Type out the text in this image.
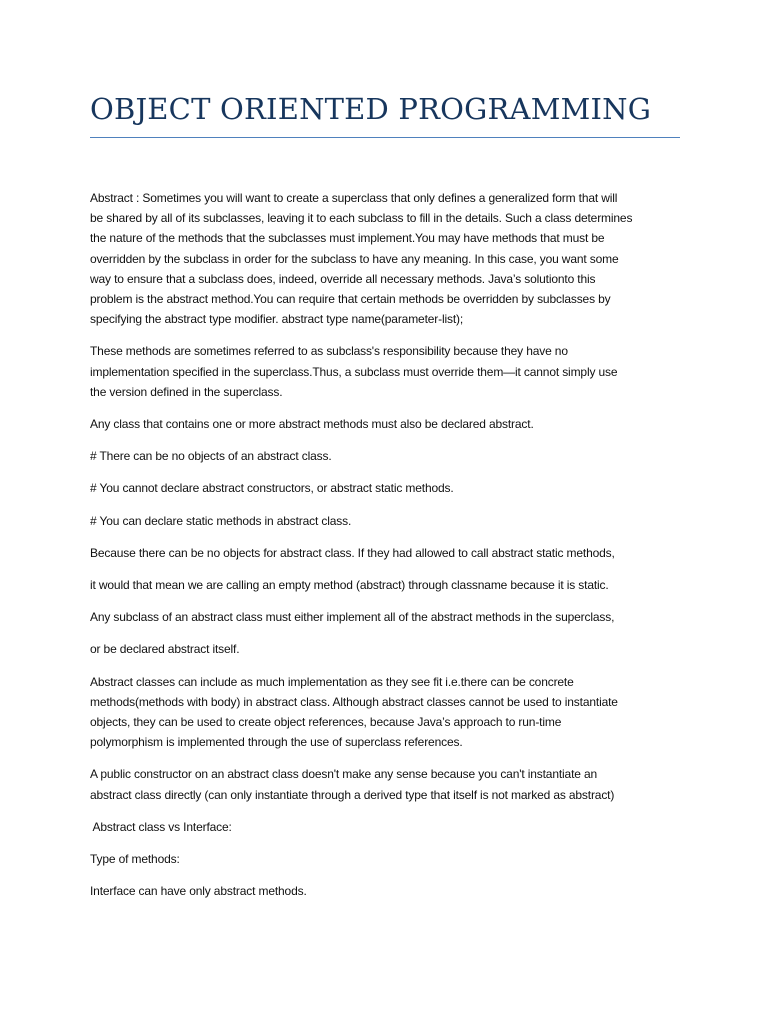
OBJECT ORIENTED PROGRAMMING

Abstract : Sometimes you will want to create a superclass that only defines a generalized form that will
be shared by all of its subclasses, leaving it to each subclass to fill in the details. Such a class determines
the nature of the methods that the subclasses must implement.You may have methods that must be
overridden by the subclass in order for the subclass to have any meaning. In this case, you want some
way to ensure that a subclass does, indeed, override all necessary methods. Java’s solutionto this
problem is the abstract method.You can require that certain methods be overridden by subclasses by
specifying the abstract type modifier. abstract type name(parameter-list);

These methods are sometimes referred to as subclass's responsibility because they have no
implementation specified in the superclass.Thus, a subclass must override them—it cannot simply use
the version defined in the superclass.

Any class that contains one or more abstract methods must also be declared abstract.

# There can be no objects of an abstract class.

# You cannot declare abstract constructors, or abstract static methods.

# You can declare static methods in abstract class.

Because there can be no objects for abstract class. If they had allowed to call abstract static methods,

it would that mean we are calling an empty method (abstract) through classname because it is static.

Any subclass of an abstract class must either implement all of the abstract methods in the superclass,

or be declared abstract itself.

Abstract classes can include as much implementation as they see fit i.e.there can be concrete
methods(methods with body) in abstract class. Although abstract classes cannot be used to instantiate
objects, they can be used to create object references, because Java’s approach to run-time
polymorphism is implemented through the use of superclass references.

A public constructor on an abstract class doesn't make any sense because you can't instantiate an
abstract class directly (can only instantiate through a derived type that itself is not marked as abstract)

Abstract class vs Interface:

Type of methods:

Interface can have only abstract methods.
